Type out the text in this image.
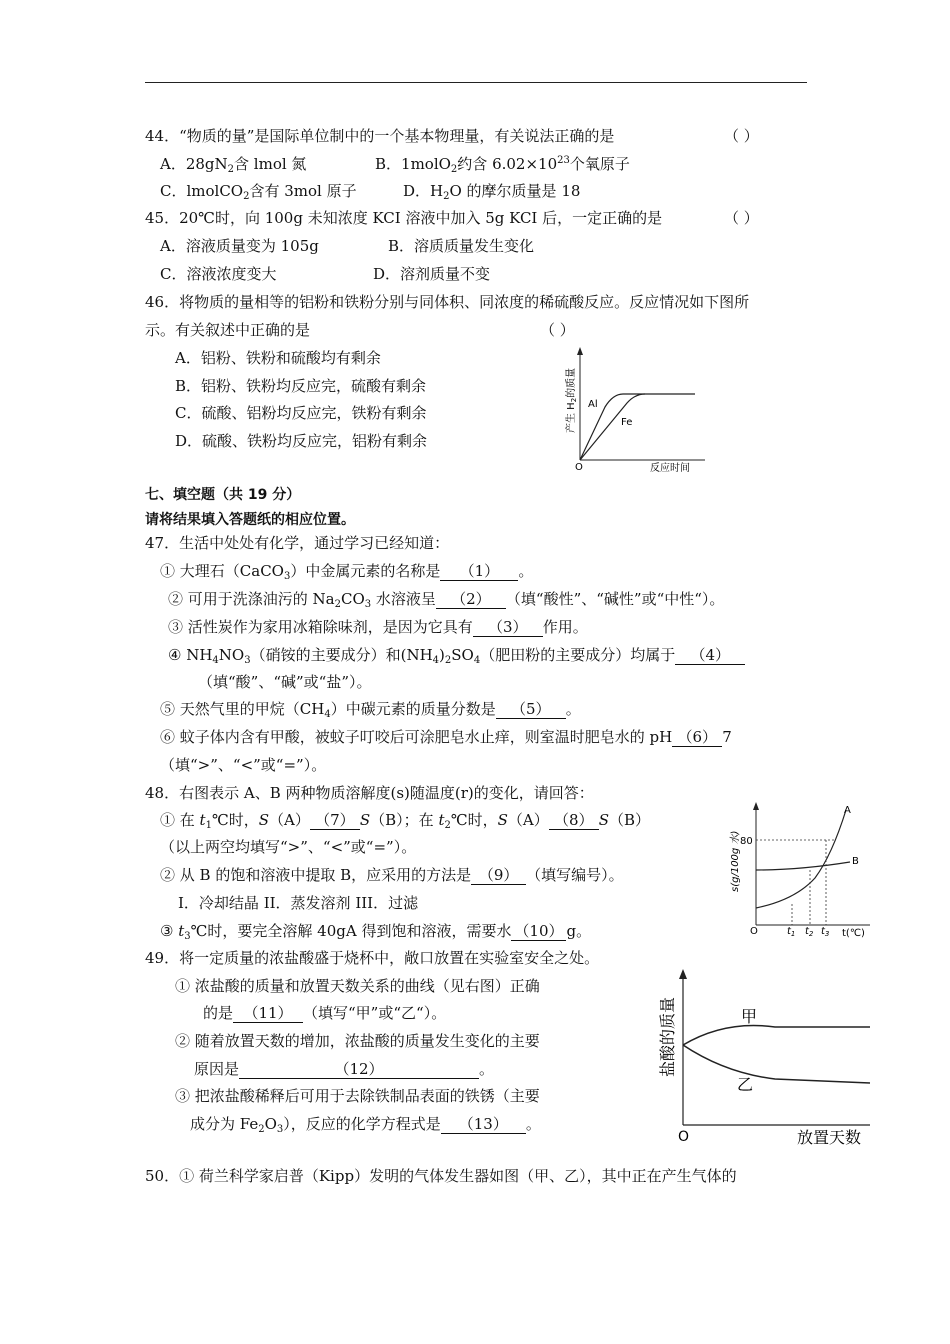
44．“物质的量”是国际单位制中的一个基本物理量，有关说法正确的是	（ ）
A．$28gN_2$含 lmol 氮	B．1molO$_2$约含 $6.02\times 10^{23}$个氧原子
C．lmolCO$_2$含有 3mol 原子	D．$H_2O$ 的摩尔质量是 18
45．20℃时，向 100g 未知浓度 KCI 溶液中加入 5g KCI 后，一定正确的是	（ ）
A．溶液质量变为 105g	B．溶质质量发生变化
C．溶液浓度变大	D．溶剂质量不变
46．将物质的量相等的铝粉和铁粉分别与同体积、同浓度的稀硫酸反应。反应情况如下图所
示。有关叙述中正确的是	（ ）
A．铝粉、铁粉和硫酸均有剩余
B．铝粉、铁粉均反应完，硫酸有剩余
C．硫酸、铝粉均反应完，铁粉有剩余
D．硫酸、铁粉均反应完，铝粉有剩余
Al
Fe
O	反应时间
产生 $H_2$的质量
七、填空题（共 19 分）
请将结果填入答题纸的相应位置。
47．生活中处处有化学，通过学习已经知道：
① 大理石（CaCO$_3$）中金属元素的名称是 （1） 。
② 可用于洗涤油污的 $Na_2CO_3$ 水溶液呈 （2） （填“酸性”、“碱性”或“中性“）。
③ 活性炭作为家用冰箱除味剂，是因为它具有 （3） 作用。
④ $NH_4NO_3$（硝铵的主要成分）和$(NH_4)_2SO_4$（肥田粉的主要成分）均属于 （4）
（填“酸”、“碱”或“盐”）。
⑤ 天然气里的甲烷$(CH_4)$中碳元素的质量分数是 （5） 。
⑥ 蚊子体内含有甲酸，被蚊子叮咬后可涂肥皂水止痒，则室温时肥皂水的 pH （6） 7
（填“>”、“<”或“=”）。
48．右图表示 A、B 两种物质溶解度(s)随温度(r)的变化，请回答：
① 在 $t_1℃$时，S（A） （7） S（B）；在 $t_2℃$时，S（A） （8） S（B）
（以上两空均填写“>”、“<”或“=”）。
② 从 B 的饱和溶液中提取 B，应采用的方法是 （9） （填写编号）。
I．冷却结晶 II．蒸发溶剂 III．过滤
③ $t_3℃$时，要完全溶解 40gA 得到饱和溶液，需要水 （10） g。
80
A
B
O	$t_1$ $t_2$ $t_3$ t(℃)
s(g/100g 水)
49．将一定质量的浓盐酸盛于烧杯中，敞口放置在实验室安全之处。
① 浓盐酸的质量和放置天数关系的曲线（见右图）正确
的是 （11） （填写“甲”或“乙“）。
② 随着放置天数的增加，浓盐酸的质量发生变化的主要
原因是	（12）	。
③ 把浓盐酸稀释后可用于去除铁制品表面的铁锈（主要
成分为 $Fe_2O_3$），反应的化学方程式是 （13） 。
甲
乙
O	放置天数
盐酸的质量
50．① 荷兰科学家启普（Kipp）发明的气体发生器如图（甲、乙），其中正在产生气体的
